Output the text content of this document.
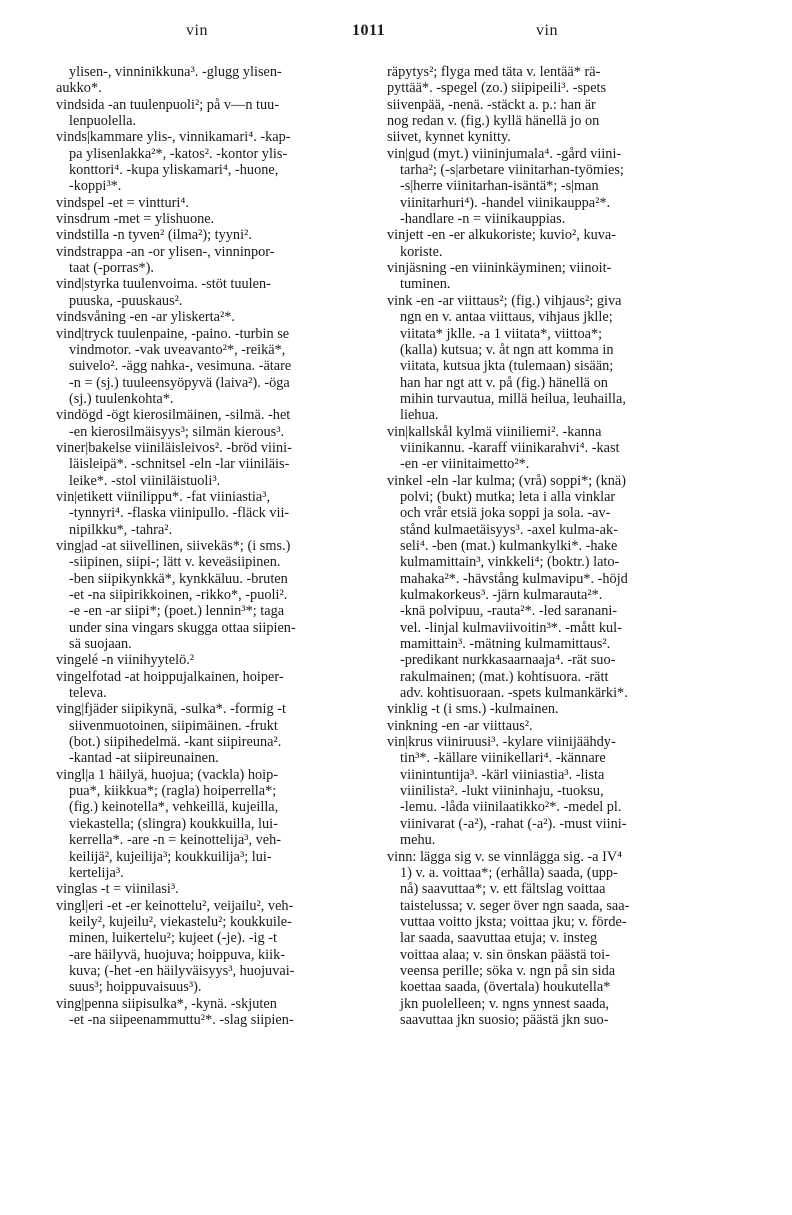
vin	1011	vin
ylisen-, vinninikkuna³. -glugg ylisen-
aukko*.
vindsida -an tuulenpuoli²; på v—n tuu-
lenpuolella.
vinds|kammare ylis-, vinnikamari⁴. -kap-
pa ylisenlakka²*, -katos². -kontor ylis-
konttori⁴. -kupa yliskamari⁴, -huone,
-koppi³*.
vindspel -et = vintturi⁴.
vinsdrum -met = ylishuone.
vindstilla -n tyven² (ilma²); tyyni².
vindstrappa -an -or ylisen-, vinninpor-
taat (-porras*).
vind|styrka tuulenvoima. -stöt tuulen-
puuska, -puuskaus².
vindsvåning -en -ar yliskerta²*.
vind|tryck tuulenpaine, -paino. -turbin se
vindmotor. -vak uveavanto²*, -reikä*,
suivelo². -ägg nahka-, vesimuna. -ätare
-n = (sj.) tuuleensyöpyvä (laiva²). -öga
(sj.) tuulenkohta*.
vindögd -ögt kierosilmäinen, -silmä. -het
-en kierosilmäisyys³; silmän kierous³.
viner|bakelse viiniläisleivos². -bröd viini-
läisleipä*. -schnitsel -eln -lar viiniläis-
leike*. -stol viiniläistuoli³.
vin|etikett viinilippu*. -fat viiniastia³,
-tynnyri⁴. -flaska viinipullo. -fläck vii-
nipilkku*, -tahra².
ving|ad -at siivellinen, siivekäs*; (i sms.)
-siipinen, siipi-; lätt v. keveäsiipinen.
-ben siipikynkkä*, kynkkäluu. -bruten
-et -na siipirikkoinen, -rikko*, -puoli².
-e -en -ar siipi*; (poet.) lennin³*; taga
under sina vingars skugga ottaa siipien-
sä suojaan.
vingelé -n viinihyytelö.²
vingelfotad -at hoippujalkainen, hoiper-
televa.
ving|fjäder siipikynä, -sulka*. -formig -t
siivenmuotoinen, siipimäinen. -frukt
(bot.) siipihedelmä. -kant siipireuna².
-kantad -at siipireunainen.
vingl|a 1 häilyä, huojua; (vackla) hoip-
pua*, kiikkua*; (ragla) hoiperrella*;
(fig.) keinotella*, vehkeillä, kujeilla,
viekastella; (slingra) koukkuilla, lui-
kerrella*. -are -n = keinottelija³, veh-
keilijä², kujeilija³; koukkuilija³; lui-
kertelija³.
vinglas -t = viinilasi³.
vingl|eri -et -er keinottelu², veijailu², veh-
keily², kujeilu², viekastelu²; koukkuile-
minen, luikertelu²; kujeet (-je). -ig -t
-are häilyvä, huojuva; hoippuva, kiik-
kuva; (-het -en häilyväisyys³, huojuvai-
suus³; hoippuvaisuus³).
ving|penna siipisulka*, -kynä. -skjuten
-et -na siipeenammuttu²*. -slag siipien-
räpytys²; flyga med täta v. lentää* rä-
pyttää*. -spegel (zo.) siipipeili³. -spets
siivenpää, -nenä. -stäckt a. p.: han är
nog redan v. (fig.) kyllä hänellä jo on
siivet, kynnet kynitty.
vin|gud (myt.) viininjumala⁴. -gård viini-
tarha²; (-s|arbetare viinitarhan-työmies;
-s|herre viinitarhan-isäntä*; -s|man
viinitarhuri⁴). -handel viinikauppa²*.
-handlare -n = viinikauppias.
vinjett -en -er alkukoriste; kuvio², kuva-
koriste.
vinjäsning -en viininkäyminen; viinoit-
tuminen.
vink -en -ar viittaus²; (fig.) vihjaus²; giva
ngn en v. antaa viittaus, vihjaus jklle;
viitata* jklle. -a 1 viitata*, viittoa*;
(kalla) kutsua; v. åt ngn att komma in
viitata, kutsua jkta (tulemaan) sisään;
han har ngt att v. på (fig.) hänellä on
mihin turvautua, millä heilua, leuhailla,
liehua.
vin|kallskål kylmä viiniliemi². -kanna
viinikannu. -karaff viinikarahvi⁴. -kast
-en -er viinitaimetto²*.
vinkel -eln -lar kulma; (vrå) soppi*; (knä)
polvi; (bukt) mutka; leta i alla vinklar
och vrår etsiä joka soppi ja sola. -av-
stånd kulmaetäisyys³. -axel kulma-ak-
seli⁴. -ben (mat.) kulmankylki*. -hake
kulmamittain³, vinkkeli⁴; (boktr.) lato-
mahaka²*. -hävstång kulmavipu*. -höjd
kulmakorkeus³. -järn kulmarauta²*.
-knä polvipuu, -rauta²*. -led saranani-
vel. -linjal kulmaviivoitin³*. -mått kul-
mamittain³. -mätning kulmamittaus².
-predikant nurkkasaarnaaja⁴. -rät suo-
rakulmainen; (mat.) kohtisuora. -rätt
adv. kohtisuoraan. -spets kulmankärki*.
vinklig -t (i sms.) -kulmainen.
vinkning -en -ar viittaus².
vin|krus viiniruusi³. -kylare viinijäähdy-
tin³*. -källare viinikellari⁴. -kännare
viinintuntija³. -kärl viiniastia³. -lista
viinilista². -lukt viininhaju, -tuoksu,
-lemu. -låda viinilaatikko²*. -medel pl.
viinivarat (-a²), -rahat (-a²). -must viini-
mehu.
vinn: lägga sig v. se vinnlägga sig. -a IV⁴
1) v. a. voittaa*; (erhålla) saada, (upp-
nå) saavuttaa*; v. ett fältslag voittaa
taistelussa; v. seger över ngn saada, saa-
vuttaa voitto jksta; voittaa jku; v. förde-
lar saada, saavuttaa etuja; v. insteg
voittaa alaa; v. sin önskan päästä toi-
veensa perille; söka v. ngn på sin sida
koettaa saada, (övertala) houkutella*
jkn puolelleen; v. ngns ynnest saada,
saavuttaa jkn suosio; päästä jkn suo-
